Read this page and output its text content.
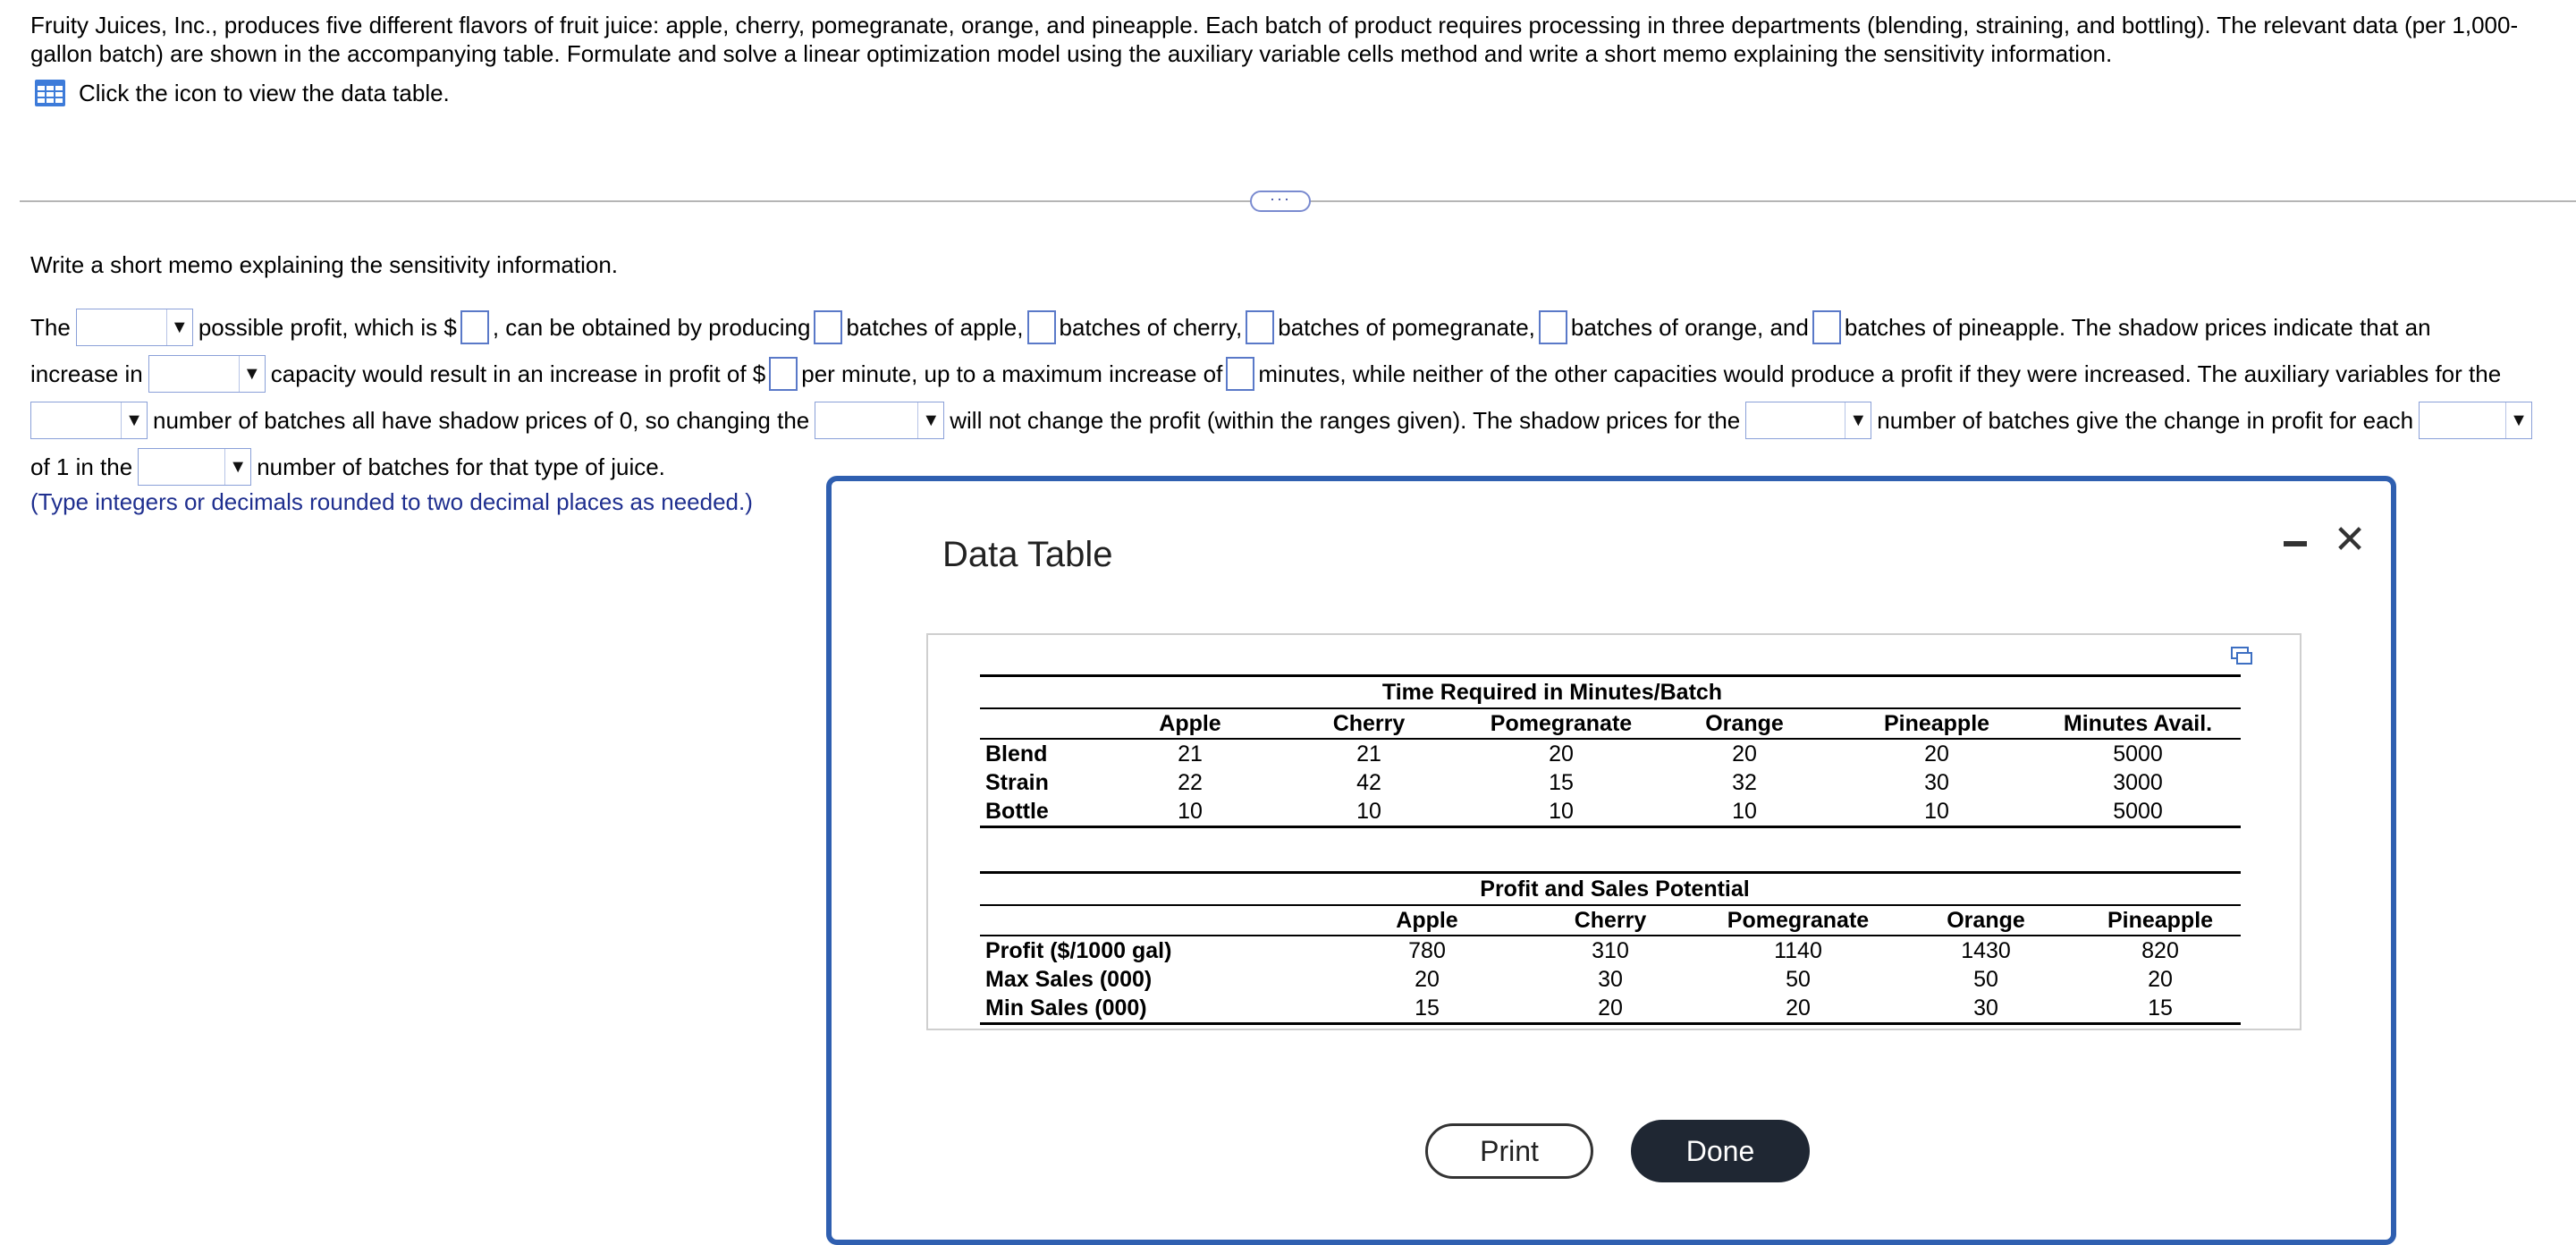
Fruity Juices, Inc., produces five different flavors of fruit juice: apple, cherry, pomegranate, orange, and pineapple. Each batch of product requires processing in three departments (blending, straining, and bottling). The relevant data (per 1,000-gallon batch) are shown in the accompanying table. Formulate and solve a linear optimization model using the auxiliary variable cells method and write a short memo explaining the sensitivity information.
Click the icon to view the data table.
···
Write a short memo explaining the sensitivity information.
The	▼ possible profit, which is $ , can be obtained by producing batches of apple, batches of cherry, batches of pomegranate, batches of orange, and batches of pineapple. The shadow prices indicate that an
increase in	▼ capacity would result in an increase in profit of $ per minute, up to a maximum increase of minutes, while neither of the other capacities would produce a profit if they were increased. The auxiliary variables for the
▼ number of batches all have shadow prices of 0, so changing the	▼ will not change the profit (within the ranges given). The shadow prices for the	▼ number of batches give the change in profit for each	▼
of 1 in the	▼ number of batches for that type of juice.
(Type integers or decimals rounded to two decimal places as needed.)
Data Table	✕

		Time Required in Minutes/Batch				
	Apple	Cherry	Pomegranate	Orange	Pineapple	Minutes Avail.
Blend	21	21	20	20	20	5000
Strain	22	42	15	32	30	3000
Bottle	10	10	10	10	10	5000

		Profit and Sales Potential				
		Apple	Cherry	Pomegranate	Orange	Pineapple
Profit ($/1000 gal)		780	310	1140	1430	820
Max Sales (000)		20	30	50	50	20
Min Sales (000)		15	20	20	30	15
Print	Done
